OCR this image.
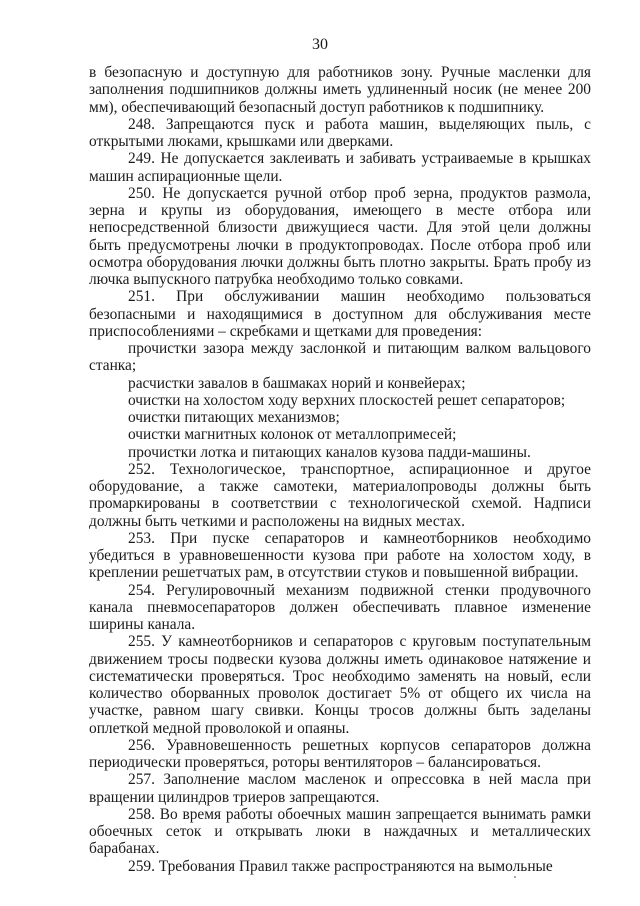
30

в безопасную и доступную для работников зону. Ручные масленки для заполнения подшипников должны иметь удлиненный носик (не менее 200 мм), обеспечивающий безопасный доступ работников к подшипнику.

248. Запрещаются пуск и работа машин, выделяющих пыль, с открытыми люками, крышками или дверками.

249. Не допускается заклеивать и забивать устраиваемые в крышках машин аспирационные щели.

250. Не допускается ручной отбор проб зерна, продуктов размола, зерна и крупы из оборудования, имеющего в месте отбора или непосредственной близости движущиеся части. Для этой цели должны быть предусмотрены лючки в продуктопроводах. После отбора проб или осмотра оборудования лючки должны быть плотно закрыты. Брать пробу из лючка выпускного патрубка необходимо только совками.

251. При обслуживании машин необходимо пользоваться безопасными и находящимися в доступном для обслуживания месте приспособлениями – скребками и щетками для проведения:

прочистки зазора между заслонкой и питающим валком вальцового станка;

расчистки завалов в башмаках норий и конвейерах;

очистки на холостом ходу верхних плоскостей решет сепараторов;

очистки питающих механизмов;

очистки магнитных колонок от металлопримесей;

прочистки лотка и питающих каналов кузова падди-машины.

252. Технологическое, транспортное, аспирационное и другое оборудование, а также самотеки, материалопроводы должны быть промаркированы в соответствии с технологической схемой. Надписи должны быть четкими и расположены на видных местах.

253. При пуске сепараторов и камнеотборников необходимо убедиться в уравновешенности кузова при работе на холостом ходу, в креплении решетчатых рам, в отсутствии стуков и повышенной вибрации.

254. Регулировочный механизм подвижной стенки продувочного канала пневмосепараторов должен обеспечивать плавное изменение ширины канала.

255. У камнеотборников и сепараторов с круговым поступательным движением тросы подвески кузова должны иметь одинаковое натяжение и систематически проверяться. Трос необходимо заменять на новый, если количество оборванных проволок достигает 5% от общего их числа на участке, равном шагу свивки. Концы тросов должны быть заделаны оплеткой медной проволокой и опаяны.

256. Уравновешенность решетных корпусов сепараторов должна периодически проверяться, роторы вентиляторов – балансироваться.

257. Заполнение маслом масленок и опрессовка в ней масла при вращении цилиндров триеров запрещаются.

258. Во время работы обоечных машин запрещается вынимать рамки обоечных сеток и открывать люки в наждачных и металлических барабанах.

259. Требования Правил также распространяются на вымольные
